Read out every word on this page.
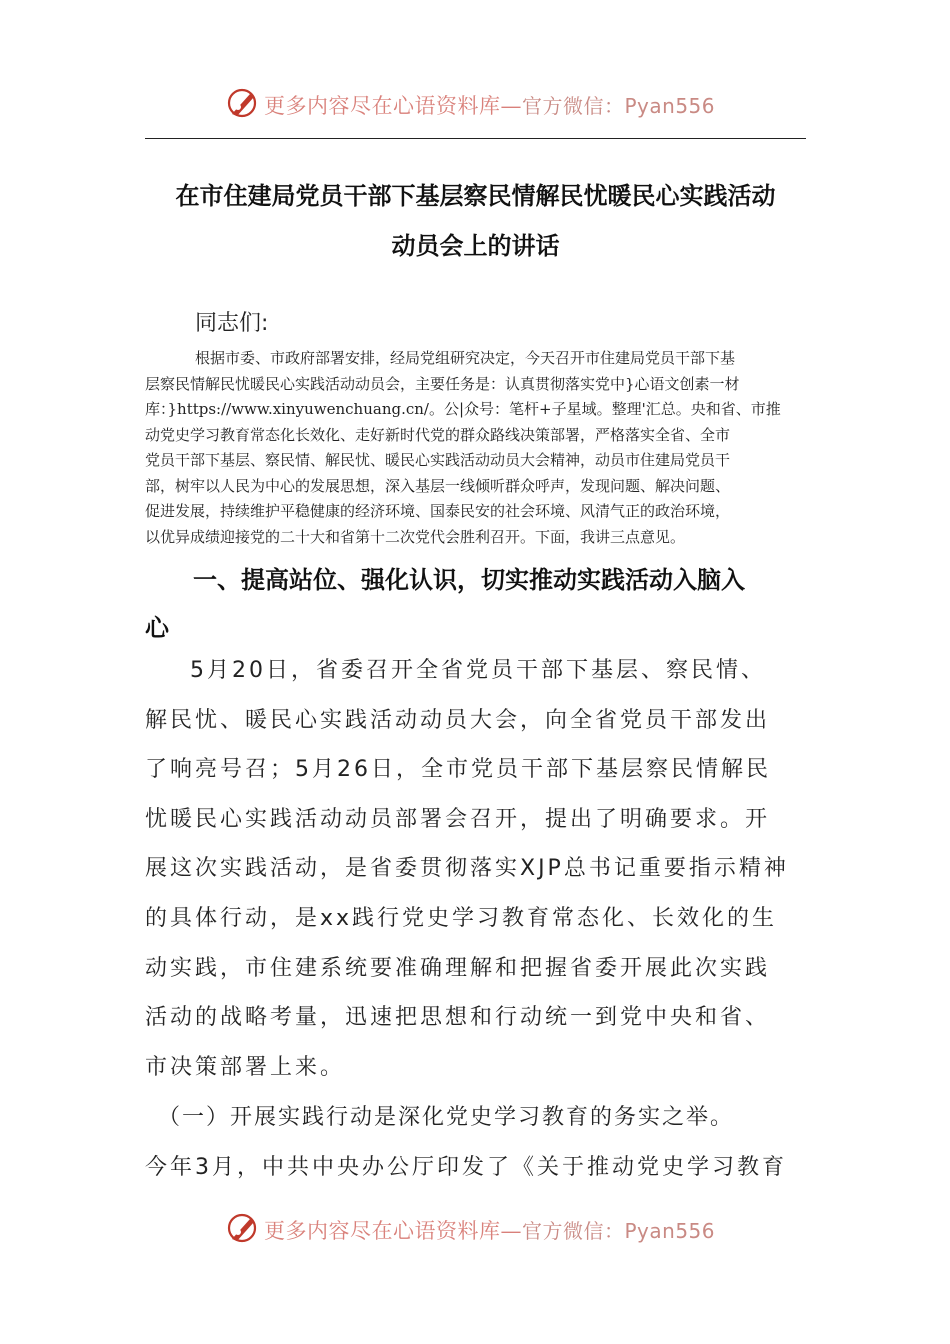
更多内容尽在心语资料库—官方微信：Pyan556
在市住建局党员干部下基层察民情解民忧暖民心实践活动
动员会上的讲话
同志们:
根据市委、市政府部署安排，经局党组研究决定，今天召开市住建局党员干部下基
层察民情解民忧暖民心实践活动动员会，主要任务是：认真贯彻落实党中}心语文创素一材
库：}https://www.xinyuwenchuang.cn/。公|众号：笔杆+子星域。整理'汇总。央和省、市推
动党史学习教育常态化长效化、走好新时代党的群众路线决策部署，严格落实全省、全市
党员干部下基层、察民情、解民忧、暖民心实践活动动员大会精神，动员市住建局党员干
部，树牢以人民为中心的发展思想，深入基层一线倾听群众呼声，发现问题、解决问题、
促进发展，持续维护平稳健康的经济环境、国泰民安的社会环境、风清气正的政治环境，
以优异成绩迎接党的二十大和省第十二次党代会胜利召开。下面，我讲三点意见。
　　一、提高站位、强化认识，切实推动实践活动入脑入
心
　5月20日，省委召开全省党员干部下基层、察民情、
解民忧、暖民心实践活动动员大会，向全省党员干部发出
了响亮号召；5月26日，全市党员干部下基层察民情解民
忧暖民心实践活动动员部署会召开，提出了明确要求。开
展这次实践活动，是省委贯彻落实XJP总书记重要指示精神
的具体行动，是xx践行党史学习教育常态化、长效化的生
动实践，市住建系统要准确理解和把握省委开展此次实践
活动的战略考量，迅速把思想和行动统一到党中央和省、
市决策部署上来。
　（一）开展实践行动是深化党史学习教育的务实之举。
今年3月，中共中央办公厅印发了《关于推动党史学习教育
更多内容尽在心语资料库—官方微信：Pyan556
